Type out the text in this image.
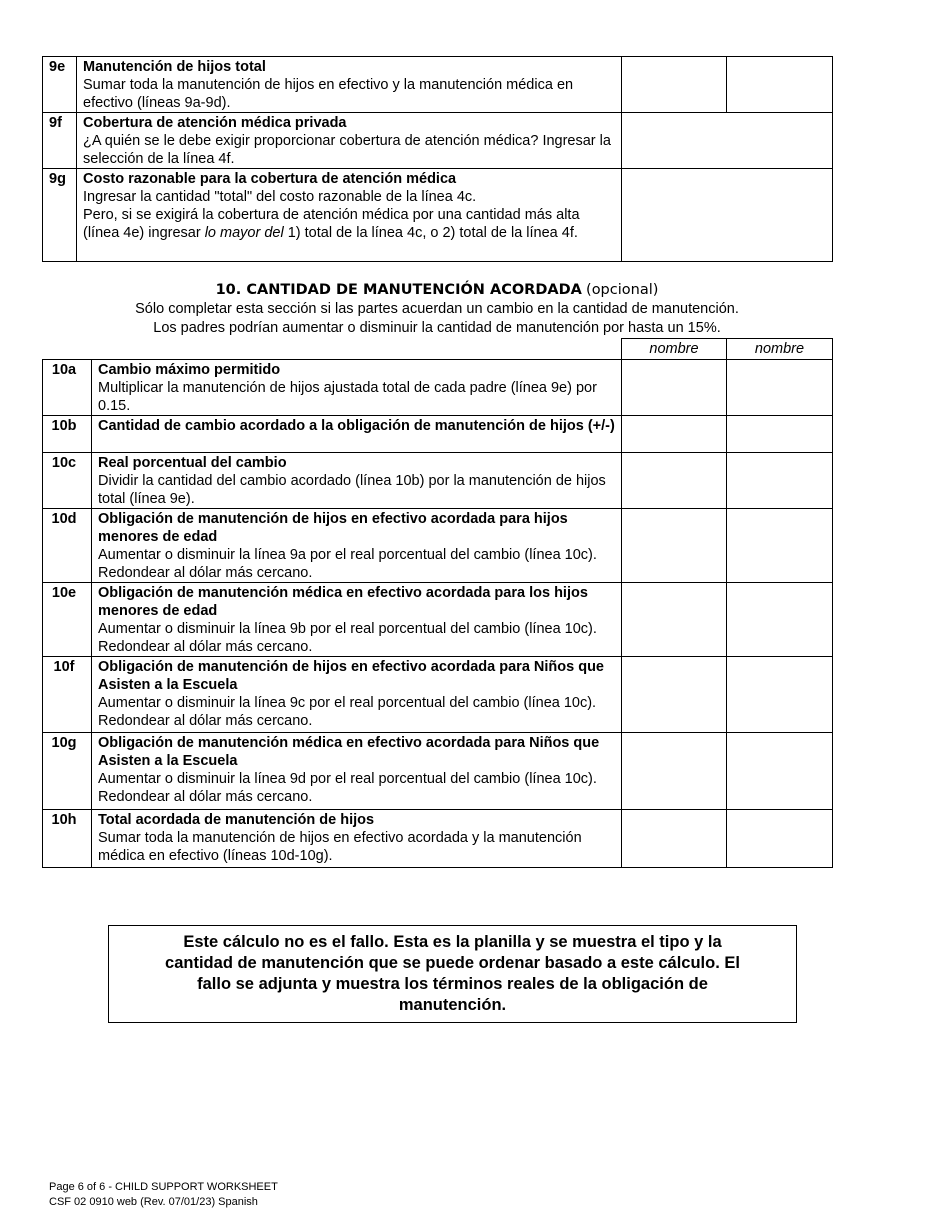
9e	Manutención de hijos total
Sumar toda la manutención de hijos en efectivo y la manutención médica en efectivo (líneas 9a-9d).		

9f	Cobertura de atención médica privada
¿A quién se le debe exigir proporcionar cobertura de atención médica? Ingresar la selección de la línea 4f.		

9g	Costo razonable para la cobertura de atención médica
Ingresar la cantidad "total" del costo razonable de la línea 4c.
Pero, si se exigirá la cobertura de atención médica por una cantidad más alta (línea 4e) ingresar lo mayor del 1) total de la línea 4c, o 2) total de la línea 4f.		

10. CANTIDAD DE MANUTENCIÓN ACORDADA (opcional)
Sólo completar esta sección si las partes acuerdan un cambio en la cantidad de manutención.
Los padres podrían aumentar o disminuir la cantidad de manutención por hasta un 15%.
		nombre	nombre
10a	Cambio máximo permitido
Multiplicar la manutención de hijos ajustada total de cada padre (línea 9e) por 0.15.		

10b	Cantidad de cambio acordado a la obligación de manutención de hijos (+/-)		

10c	Real porcentual del cambio
Dividir la cantidad del cambio acordado (línea 10b) por la manutención de hijos total (línea 9e).		

10d	Obligación de manutención de hijos en efectivo acordada para hijos menores de edad
Aumentar o disminuir la línea 9a por el real porcentual del cambio (línea 10c). Redondear al dólar más cercano.		

10e	Obligación de manutención médica en efectivo acordada para los hijos menores de edad
Aumentar o disminuir la línea 9b por el real porcentual del cambio (línea 10c). Redondear al dólar más cercano.		

10f	Obligación de manutención de hijos en efectivo acordada para Niños que Asisten a la Escuela
Aumentar o disminuir la línea 9c por el real porcentual del cambio (línea 10c). Redondear al dólar más cercano.		

10g	Obligación de manutención médica en efectivo acordada para Niños que Asisten a la Escuela
Aumentar o disminuir la línea 9d por el real porcentual del cambio (línea 10c). Redondear al dólar más cercano.		

10h	Total acordada de manutención de hijos
Sumar toda la manutención de hijos en efectivo acordada y la manutención médica en efectivo (líneas 10d-10g).		

Este cálculo no es el fallo. Esta es la planilla y se muestra el tipo y la cantidad de manutención que se puede ordenar basado a este cálculo. El fallo se adjunta y muestra los términos reales de la obligación de manutención.
Page 6 of 6 - CHILD SUPPORT WORKSHEET
CSF 02 0910 web (Rev. 07/01/23) Spanish
